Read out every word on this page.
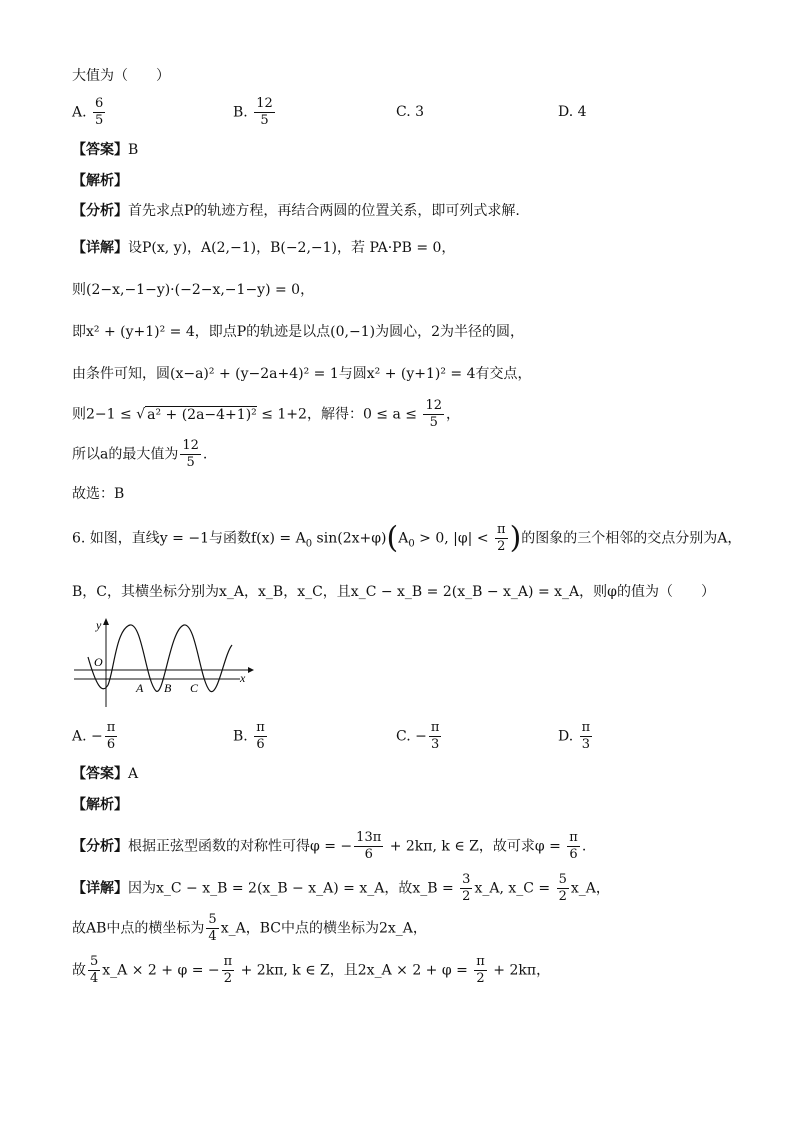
大值为（　　）
A. $\frac{6}{5}$	B. $\frac{12}{5}$	C. 3	D. 4
【答案】B
【解析】
【分析】首先求点P的轨迹方程，再结合两圆的位置关系，即可列式求解.
【详解】设P(x, y)，A(2,−1)，B(−2,−1)，若 PA·PB = 0，
则(2−x,−1−y)·(−2−x,−1−y) = 0，
即x² + (y+1)² = 4，即点P的轨迹是以点(0,−1)为圆心，2为半径的圆，
由条件可知，圆(x−a)² + (y−2a+4)² = 1与圆x² + (y+1)² = 4有交点，
则2−1 ≤ √ a² + (2a−4+1)² ≤ 1+2，解得：$0 \le a \le \frac{12}{5}$ ，
所以a的最大值为 $\frac{12}{5}$ .
故选：B
6. 如图，直线y = −1与函数$f(x) = A_0$ $\sin(2x+\varphi)(A_0 > 0$, $|\varphi| < \frac{\pi}{2}$ )的图象的三个相邻的交点分别为A，
B，C，其横坐标分别为x_A，x_B，x_C，且x_C − x_B = 2(x_B − x_A) = x_A，则φ的值为（　　）
y
O
x
A B C
A. − $\frac{\pi}{6}$	B. $\frac{\pi}{6}$	C. − $\frac{\pi}{3}$	D. $\frac{\pi}{3}$
【答案】A
【解析】
【分析】根据正弦型函数的对称性可得φ = − $\frac{13\pi}{6} + 2k\pi$, k ∈ Z，故可求$\varphi = \frac{\pi}{6}$ .
【详解】因为x_C − x_B = 2(x_B − x_A) = x_A，故x_B = $\frac{3}{2}$ x_A, x_C = $\frac{5}{2}$ x_A，
故AB中点的横坐标为 $\frac{5}{4}$ x_A，BC中点的横坐标为2x_A，
故 $\frac{5}{4}$ x_A × 2 + φ = − $\frac{\pi}{2} + 2k\pi$, k ∈ Z，且2x_A × $2 + \varphi = \frac{\pi}{2} + 2k\pi$，
